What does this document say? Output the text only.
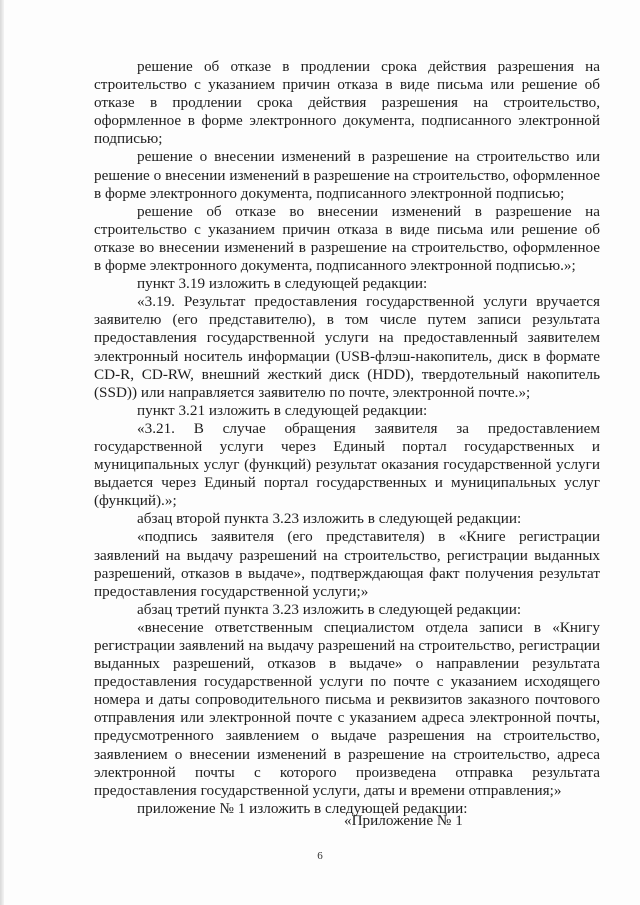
решение об отказе в продлении срока действия разрешения на строительство с указанием причин отказа в виде письма или решение об отказе в продлении срока действия разрешения на строительство, оформленное в форме электронного документа, подписанного электронной подписью;

решение о внесении изменений в разрешение на строительство или решение о внесении изменений в разрешение на строительство, оформленное в форме электронного документа, подписанного электронной подписью;

решение об отказе во внесении изменений в разрешение на строительство с указанием причин отказа в виде письма или решение об отказе во внесении изменений в разрешение на строительство, оформленное в форме электронного документа, подписанного электронной подписью.»;

пункт 3.19 изложить в следующей редакции:

«3.19. Результат предоставления государственной услуги вручается заявителю (его представителю), в том числе путем записи результата предоставления государственной услуги на предоставленный заявителем электронный носитель информации (USB-флэш-накопитель, диск в формате CD-R, CD-RW, внешний жесткий диск (HDD), твердотельный накопитель (SSD)) или направляется заявителю по почте, электронной почте.»;

пункт 3.21 изложить в следующей редакции:

«3.21. В случае обращения заявителя за предоставлением государственной услуги через Единый портал государственных и муниципальных услуг (функций) результат оказания государственной услуги выдается через Единый портал государственных и муниципальных услуг (функций).»;

абзац второй пункта 3.23 изложить в следующей редакции:

«подпись заявителя (его представителя) в «Книге регистрации заявлений на выдачу разрешений на строительство, регистрации выданных разрешений, отказов в выдаче», подтверждающая факт получения результат предоставления государственной услуги;»

абзац третий пункта 3.23 изложить в следующей редакции:

«внесение ответственным специалистом отдела записи в «Книгу регистрации заявлений на выдачу разрешений на строительство, регистрации выданных разрешений, отказов в выдаче» о направлении результата предоставления государственной услуги по почте с указанием исходящего номера и даты сопроводительного письма и реквизитов заказного почтового отправления или электронной почте с указанием адреса электронной почты, предусмотренного заявлением о выдаче разрешения на строительство, заявлением о внесении изменений в разрешение на строительство, адреса электронной почты с которого произведена отправка результата предоставления государственной услуги, даты и времени отправления;»

приложение № 1 изложить в следующей редакции:

«Приложение № 1

6
